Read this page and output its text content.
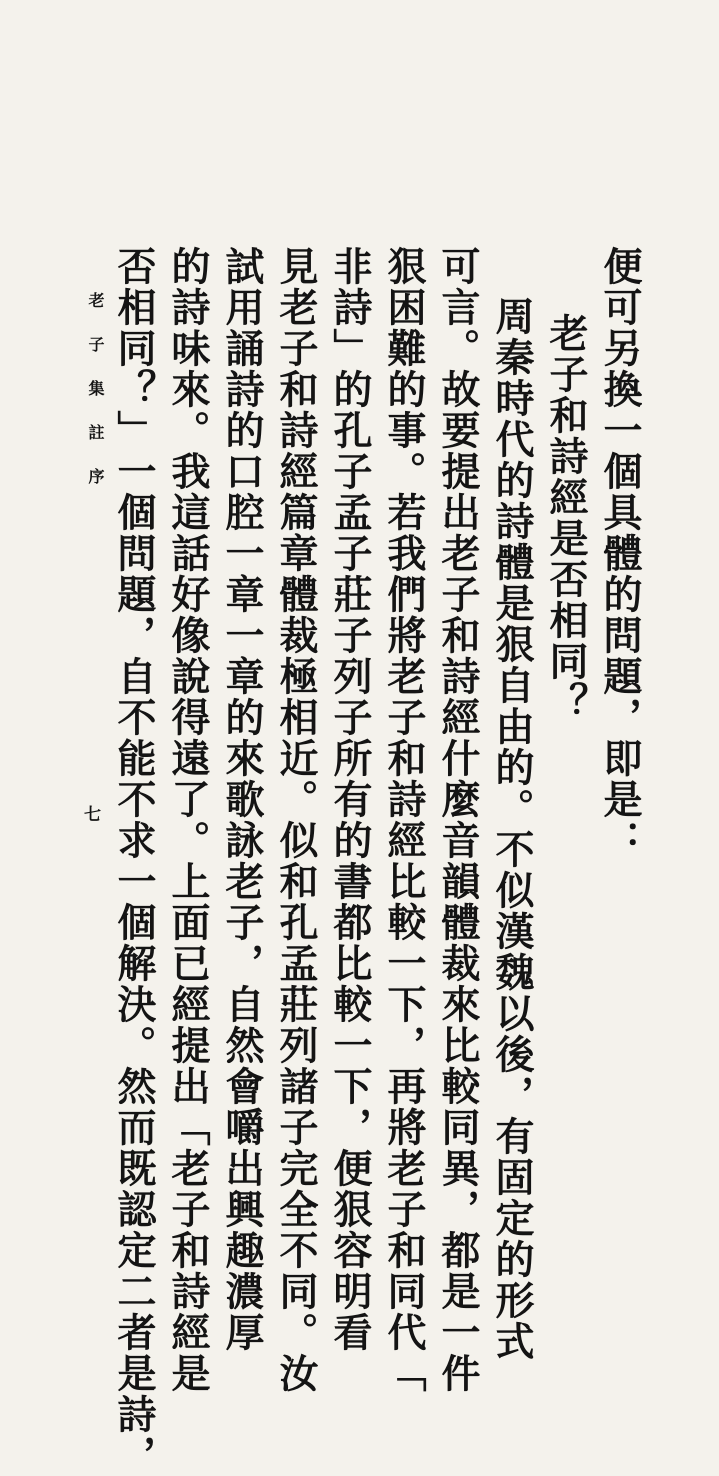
便可另換一個具體的問題，即是：
　老子和詩經是否相同？
周秦時代的詩體是狠自由的。不似漢魏以後，有固定的形式
可言。故要提出老子和詩經什麼音韻體裁來比較同異，都是一件
狠困難的事。若我們將老子和詩經比較一下，再將老子和同代「
非詩」的孔子孟子莊子列子所有的書都比較一下，便狠容明看
見老子和詩經篇章體裁極相近。似和孔孟莊列諸子完全不同。汝
試用誦詩的口腔一章一章的來歌詠老子，自然會嚼出興趣濃厚
的詩味來。我這話好像說得遠了。上面已經提出「老子和詩經是
否相同？」一個問題，自不能不求一個解決。然而既認定二者是詩，
老子集註序
七
